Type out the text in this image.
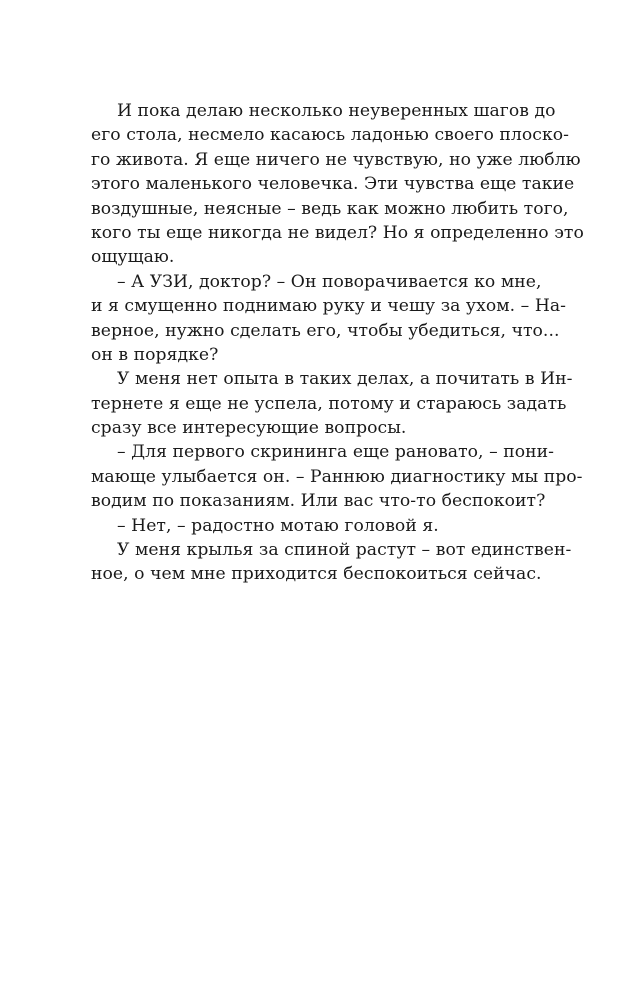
И пока делаю несколько неуверенных шагов до
его стола, несмело касаюсь ладонью своего плоско-
го живота. Я еще ничего не чувствую, но уже люблю
этого маленького человечка. Эти чувства еще такие
воздушные, неясные – ведь как можно любить того,
кого ты еще никогда не видел? Но я определенно это
ощущаю.
– А УЗИ, доктор? – Он поворачивается ко мне,
и я смущенно поднимаю руку и чешу за ухом. – На-
верное, нужно сделать его, чтобы убедиться, что...
он в порядке?
У меня нет опыта в таких делах, а почитать в Ин-
тернете я еще не успела, потому и стараюсь задать
сразу все интересующие вопросы.
– Для первого скрининга еще рановато, – пони-
мающе улыбается он. – Раннюю диагностику мы про-
водим по показаниям. Или вас что-то беспокоит?
– Нет, – радостно мотаю головой я.
У меня крылья за спиной растут – вот единствен-
ное, о чем мне приходится беспокоиться сейчас.
